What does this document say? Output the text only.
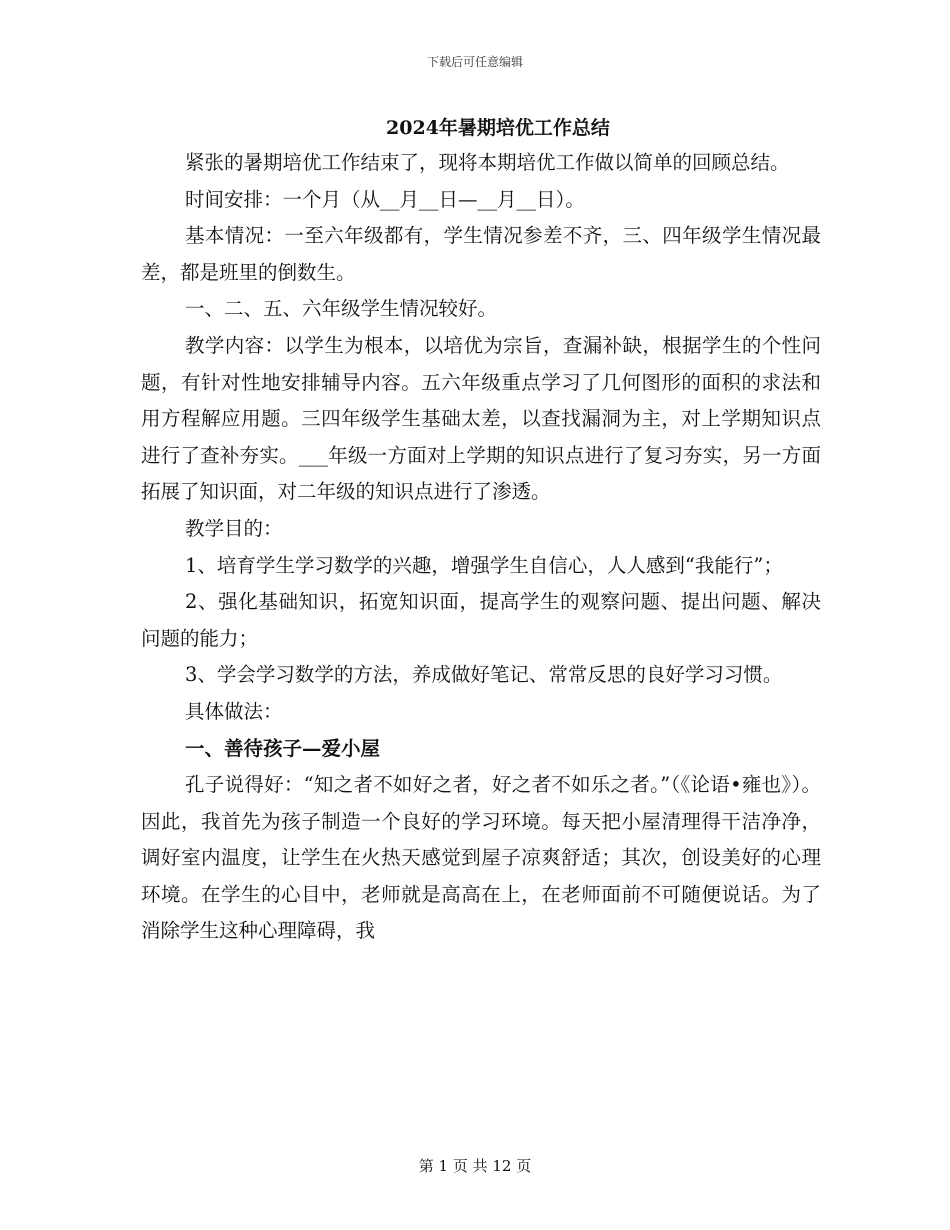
下载后可任意编辑
2024年暑期培优工作总结

紧张的暑期培优工作结束了，现将本期培优工作做以简单的回顾总结。

时间安排：一个月（从__月__日—__月__日）。

基本情况：一至六年级都有，学生情况参差不齐，三、四年级学生情况最差，都是班里的倒数生。

一、二、五、六年级学生情况较好。

教学内容：以学生为根本，以培优为宗旨，查漏补缺，根据学生的个性问题，有针对性地安排辅导内容。五六年级重点学习了几何图形的面积的求法和用方程解应用题。三四年级学生基础太差，以查找漏洞为主，对上学期知识点进行了查补夯实。___年级一方面对上学期的知识点进行了复习夯实，另一方面拓展了知识面，对二年级的知识点进行了渗透。

教学目的：

1、培育学生学习数学的兴趣，增强学生自信心，人人感到“我能行”；

2、强化基础知识，拓宽知识面，提高学生的观察问题、提出问题、解决问题的能力；

3、学会学习数学的方法，养成做好笔记、常常反思的良好学习习惯。

具体做法：

一、善待孩子—爱小屋

孔子说得好：“知之者不如好之者，好之者不如乐之者。”（《论语•雍也》）。因此，我首先为孩子制造一个良好的学习环境。每天把小屋清理得干洁净净，调好室内温度，让学生在火热天感觉到屋子凉爽舒适；其次，创设美好的心理环境。在学生的心目中，老师就是高高在上，在老师面前不可随便说话。为了消除学生这种心理障碍，我

第 1 页 共 12 页
